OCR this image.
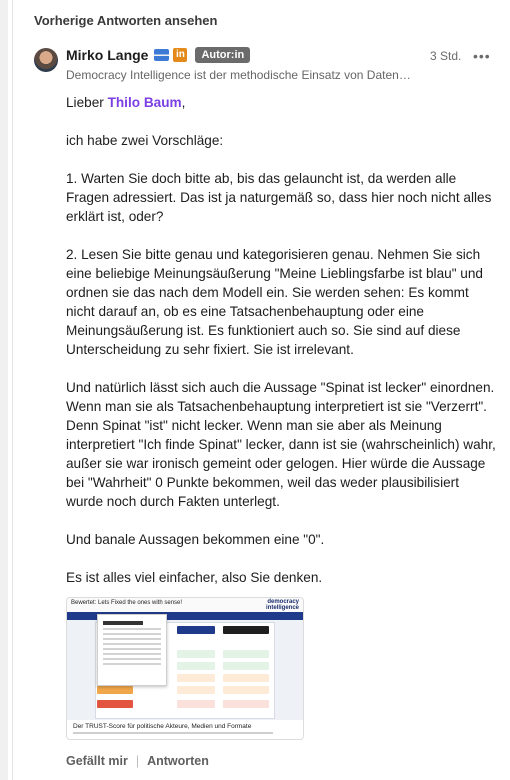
Vorherige Antworten ansehen
Mirko Lange	in	Autor:in	3 Std. •••
Democracy Intelligence ist der methodische Einsatz von Daten…

Lieber Thilo Baum,

ich habe zwei Vorschläge:

1. Warten Sie doch bitte ab, bis das gelauncht ist, da werden alle Fragen adressiert. Das ist ja naturgemäß so, dass hier noch nicht alles erklärt ist, oder?

2. Lesen Sie bitte genau und kategorisieren genau. Nehmen Sie sich eine beliebige Meinungsäußerung "Meine Lieblingsfarbe ist blau" und ordnen sie das nach dem Modell ein. Sie werden sehen: Es kommt nicht darauf an, ob es eine Tatsachenbehauptung oder eine Meinungsäußerung ist. Es funktioniert auch so. Sie sind auf diese Unterscheidung zu sehr fixiert. Sie ist irrelevant.

Und natürlich lässt sich auch die Aussage "Spinat ist lecker" einordnen. Wenn man sie als Tatsachenbehauptung interpretiert ist sie "Verzerrt". Denn Spinat "ist" nicht lecker. Wenn man sie aber als Meinung interpretiert "Ich finde Spinat" lecker, dann ist sie (wahrscheinlich) wahr, außer sie war ironisch gemeint oder gelogen. Hier würde die Aussage bei "Wahrheit" 0 Punkte bekommen, weil das weder plausibilisiert wurde noch durch Fakten unterlegt.

Und banale Aussagen bekommen eine "0".

Es ist alles viel einfacher, also Sie denken.

Bewertet: Lets Fixed the ones with sense!	democracy
intelligence
Der TRUST-Score für politische Akteure, Medien und Formate
Gefällt mir | Antworten
